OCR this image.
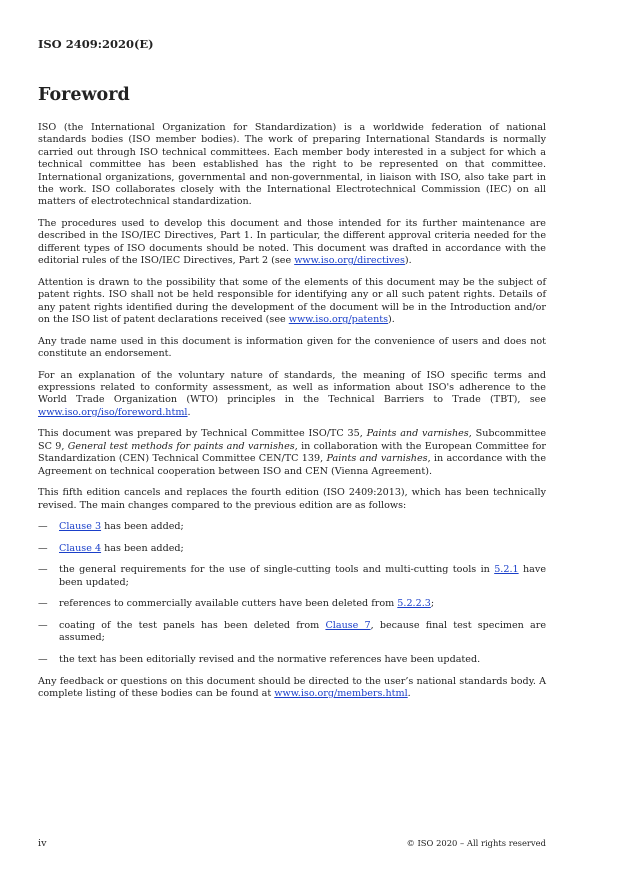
ISO 2409:2020(E)
Foreword

ISO (the International Organization for Standardization) is a worldwide federation of national standards bodies (ISO member bodies). The work of preparing International Standards is normally carried out through ISO technical committees. Each member body interested in a subject for which a technical committee has been established has the right to be represented on that committee. International organizations, governmental and non-governmental, in liaison with ISO, also take part in the work. ISO collaborates closely with the International Electrotechnical Commission (IEC) on all matters of electrotechnical standardization.

The procedures used to develop this document and those intended for its further maintenance are described in the ISO/IEC Directives, Part 1. In particular, the different approval criteria needed for the different types of ISO documents should be noted. This document was drafted in accordance with the editorial rules of the ISO/IEC Directives, Part 2 (see www.iso.org/directives).

Attention is drawn to the possibility that some of the elements of this document may be the subject of patent rights. ISO shall not be held responsible for identifying any or all such patent rights. Details of any patent rights identified during the development of the document will be in the Introduction and/or on the ISO list of patent declarations received (see www.iso.org/patents).

Any trade name used in this document is information given for the convenience of users and does not constitute an endorsement.

For an explanation of the voluntary nature of standards, the meaning of ISO specific terms and expressions related to conformity assessment, as well as information about ISO's adherence to the World Trade Organization (WTO) principles in the Technical Barriers to Trade (TBT), see www.iso.org/iso/foreword.html.

This document was prepared by Technical Committee ISO/TC 35, Paints and varnishes, Subcommittee SC 9, General test methods for paints and varnishes, in collaboration with the European Committee for Standardization (CEN) Technical Committee CEN/TC 139, Paints and varnishes, in accordance with the Agreement on technical cooperation between ISO and CEN (Vienna Agreement).

This fifth edition cancels and replaces the fourth edition (ISO 2409:2013), which has been technically revised. The main changes compared to the previous edition are as follows:

— Clause 3 has been added;
— Clause 4 has been added;
— the general requirements for the use of single-cutting tools and multi-cutting tools in 5.2.1 have been updated;
— references to commercially available cutters have been deleted from 5.2.2.3;
— coating of the test panels has been deleted from Clause 7, because final test specimen are assumed;
— the text has been editorially revised and the normative references have been updated.

Any feedback or questions on this document should be directed to the user’s national standards body. A complete listing of these bodies can be found at www.iso.org/members.html.

iv	© ISO 2020 – All rights reserved
